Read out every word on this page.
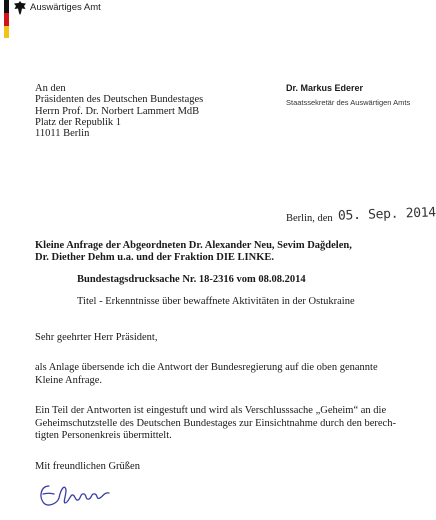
Auswärtiges Amt
An den
Präsidenten des Deutschen Bundestages
Herrn Prof. Dr. Norbert Lammert MdB
Platz der Republik 1
11011 Berlin
Dr. Markus Ederer
Staatssekretär des Auswärtigen Amts
Berlin, den 05. Sep. 2014
Kleine Anfrage der Abgeordneten Dr. Alexander Neu, Sevim Dağdelen,
Dr. Diether Dehm u.a. und der Fraktion DIE LINKE.
Bundestagsdrucksache Nr. 18-2316 vom 08.08.2014
Titel - Erkenntnisse über bewaffnete Aktivitäten in der Ostukraine
Sehr geehrter Herr Präsident,
als Anlage übersende ich die Antwort der Bundesregierung auf die oben genannte
Kleine Anfrage.
Ein Teil der Antworten ist eingestuft und wird als Verschlusssache „Geheim“ an die
Geheimschutzstelle des Deutschen Bundestages zur Einsichtnahme durch den berech-
tigten Personenkreis übermittelt.
Mit freundlichen Grüßen
